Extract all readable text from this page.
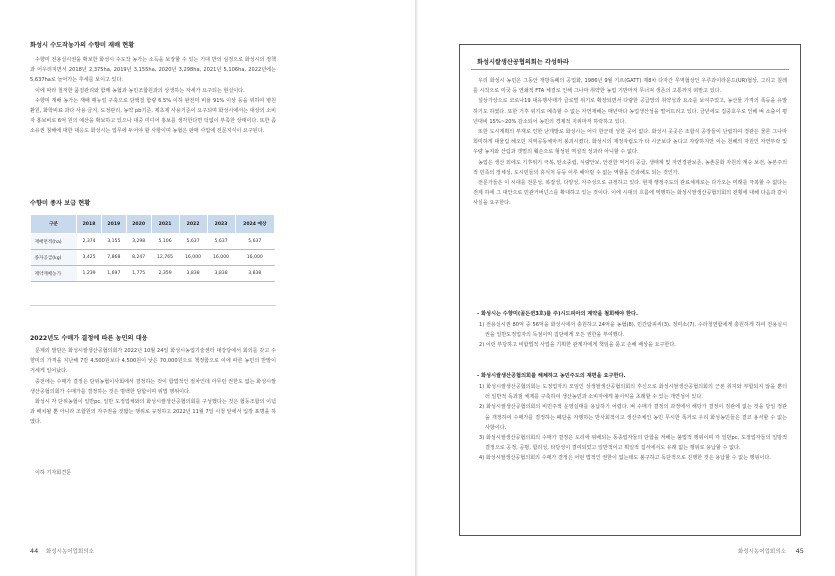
화성시 수도작농가의 수향미 재배 현황

수향미 전용실시권을 확보한 화성시 수도작 농가는 소득을 보장할 수 있는 기대 반의 심정으로 화성시의 정책과 어우러지면서 2018년 2,375ha, 2019년 3,155ha, 2020년 3,298ha, 2021년 5,106ha, 2022년에는 5,637ha로 늘어가는 추세를 보이고 있다.

이에 따라 철저한 품질관리와 함께 농협과 농민조합원과의 상생하는 자세가 요구되는 현실이다.

수향미 재배 농가는 재배 매뉴얼 구축으로 단백질 함량 6.5% 이하 완전미 비율 91% 이상 등을 위하여 병원 환원, 화학비료 과다 사용 금지, 도정관리, 농약 pb기준, 제초제 사용기준이 요구되며 화성시에서는 대상의 소비자 홍보비로 6억 원의 예산을 확보하고 있으나 대중 미디어 홍보를 생각한다면 턱없이 부족한 상태이다. 또한 좀 소유권 침해에 대한 대응도 화성시는 업무에 두어야 할 사항이며 농협은 판매 사업에 전문지식이 요구된다.

수향미 종자 보급 현황
구분	2018	2019	2020	2021	2022	2023	2024 예상
재배면적(ha)	2,374	3,155	3,298	5,106	5,637	5,637	5,637
종자공급(kg)	3,425	7,868	8,247	12,765	16,000	16,000	16,000
계약재배농가	1,239	1,697	1,775	2,359	3,838	3,838	3,838
2022년도 수매가 결정에 따른 농민의 대응

문제의 발단은 화성시쌀생산공협의회가 2022년 10월 24일 화성시농업기술센터 대강당에서 회의를 갖고 수향미의 가격을 지난해 7만 4,500원보다 4,500원이 낮은 70,000원으로 책정함으로 이에 따른 농민의 반발이 거세게 일어났다.

종전에는 수매가 결정은 단위농협이사회에서 결정하는 것이 합법적인 절차인데 아무런 권한도 없는 화성시쌀생산공협의회가 수매가를 결정하는 것은 명백한 담합이며 위법 행위이다.

화성시 각 단위농협이 일반pc, 일반 도정업체와의 화성시쌀생산공협의회를 구성했다는 것은 협동조합의 이념과 배치될 뿐 아니라 조합원의 자주권을 짓밟는 행위로 규정하고 2022년 11월 7일 시청 앞에서 입장 표명을 하였다.

이하 기자회견문
44 화성시농어업회의소
화성시쌀생산공협의회는 각성하라

우리 화성시 농민은 그동안 개방독폐의 공업화, 1986년 9월 기르(GATT) 제8차 다자간 무역협상인 우루과이라운드(UR)협상, 그리고 칠레를 시작으로 미국 등 연쇄적 FTA 체결로 인해 그나마 취약한 농업 기반마저 무너져 생존의 고통까지 떠맡고 있다.

설상가상으로 코로나19 대유행사태가 글로벌 위기로 확장되면서 다량한 공급망의 취약성과 요소를 보여주었고, 농산물 가격의 폭등을 유발하기도 하였다. 또한 기후 위기로 예측할 수 없는 자연재해는 매년마다 농업생산성을 떨어뜨리고 있다. 금년에도 집중호우로 인해 벼 소출이 평년대비 15%~20% 감소되어 농민의 경제적 지위마저 하락하고 있다.

또한 도시계획의 부재로 인한 난개발로 화성시는 어디 한군데 성한 곳이 없다. 화성시 곳곳은 조합식 공장들이 난립하여 경관은 물론 그나마 희미하게 대물림 해오던 지역공동체마저 붕괴시켰다. 화성시의 재정자립도가 타 시군보다 높다고 자랑하지만 이는 천혜의 자원인 자연부락 및 우량 농지와 산림과 갯벌의 훼손으로 형성된 역설적 성과라 아니할 수 없다.

농업은 생산 외에도 기후위기 극복, 탄소중립, 식량안보, 안전한 먹거리 공급, 생태계 및 자연경관보존, 농촌문화 자원의 계승 보전, 농본주의적 민족의 정체성, 도시민들의 휴식처 등등 이루 헤아릴 수 없는 역할을 간과해도 되는 것인가.

전문가들은 이 시대를 전문성, 복잡성, 다양성, 자주성으로 규정하고 있다. 현재 행정주도의 관료체제로는 다가오는 미래를 극복할 수 없다는 전제 하에 그 대안으로 민관거버넌스를 확대하고 있는 것이다. 이에 시대의 흐름에 역행하는 화성시쌀생산공협의회의 전횡에 대해 다음과 같이 사실을 요구한다.

- 화성시는 수향미(골든퀸3호)를 주)시드피아의 계약을 철회해야 한다.
1) 전용실시권 80억 중 56억을 화성시에서 충원하고 24억을 농협(8), 민간탐피씨(3), 정미소(7), 수라청연합에게 충원하게 하여 전용실시권을 일반도정업자의 독점이익 집단에게 모든 권한을 부여했다.
2) 이런 부당하고 비합법적 사업을 기획한 관계자에게 책임을 묻고 손해 배상을 요구한다.
- 화성시쌀생산공협의회를 해체하고 농민주도의 재편을 요구한다.
1) 화성시쌀생산공협의회는 도정업자의 모임인 상생쌀생산공협의회의 후신으로 화성시쌀생산공협의회의 근본 취지와 부합되지 않을 뿐더러 일반적 독과점 체제를 구축하여 생산농민과 소비자에게 불이익을 초래할 수 있는 개연성이 있다.
2) 화성시쌀생산공협의회의 비민주적 운영실태를 용납하기 어렵다. 벼 수매가 결정의 과정에서 해당가 결정이 정관에 없는 것을 당일 정관을 개정하여 수매가를 결정하는 폐단을 자행하는 반사회적이고 생산주체인 농민 무시한 폭거로 우리 화성농민들은 결코 용서할 수 없는 사항이다.
3) 화성시쌀생산공협의회의 수매가 결정은 도리에 위배되는 동종업자들의 단합을 저해는 불법적 행위이며 각 일반pc, 도정업자들의 일방적 결정으로 공정, 공평, 합리성, 타당성이 결여되었고 일반적이고 획일적 집서에서도 유래 없는 행위로 용납할 수 없다.
4) 화성시쌀생산공협의회의 수매가 결정은 어떤 법적인 권한이 없는데도 불구하고 독단적으로 진행한 것은 용납할 수 없는 행위이다.
화성시농어업회의소 45
